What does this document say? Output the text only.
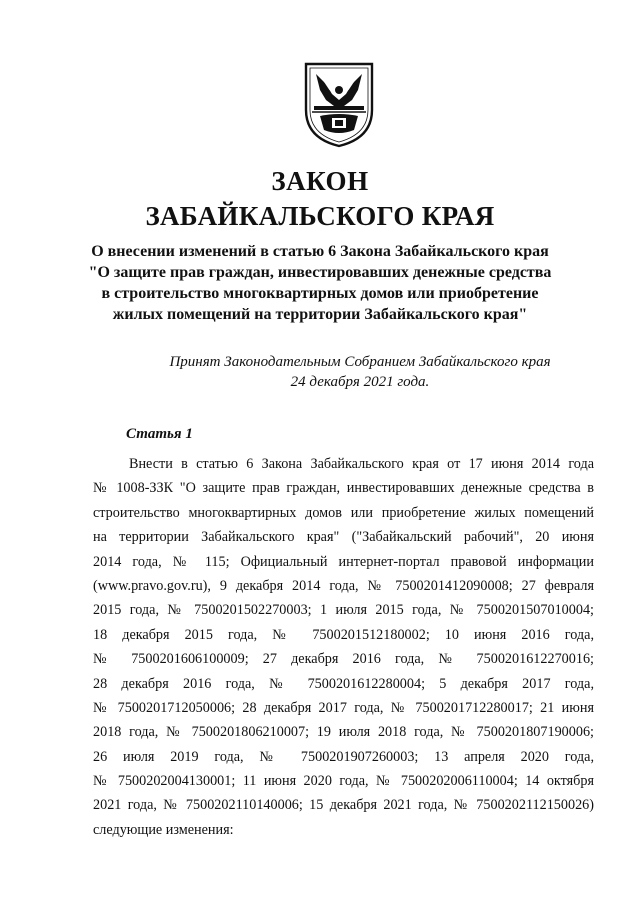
ЗАКОН
ЗАБАЙКАЛЬСКОГО КРАЯ
О внесении изменений в статью 6 Закона Забайкальского края
"О защите прав граждан, инвестировавших денежные средства
в строительство многоквартирных домов или приобретение
жилых помещений на территории Забайкальского края"
Принят Законодательным Собранием Забайкальского края
24 декабря 2021 года.
Статья 1
Внести в статью 6 Закона Забайкальского края от 17 июня 2014 года
№ 1008-ЗЗК "О защите прав граждан, инвестировавших денежные средства в
строительство многоквартирных домов или приобретение жилых помещений
на территории Забайкальского края" ("Забайкальский рабочий", 20 июня
2014 года, № 115; Официальный интернет-портал правовой информации
(www.pravo.gov.ru), 9 декабря 2014 года, № 7500201412090008; 27 февраля
2015 года, № 7500201502270003; 1 июля 2015 года, № 7500201507010004;
18 декабря 2015 года, № 7500201512180002; 10 июня 2016 года,
№ 7500201606100009; 27 декабря 2016 года, № 7500201612270016;
28 декабря 2016 года, № 7500201612280004; 5 декабря 2017 года,
№ 7500201712050006; 28 декабря 2017 года, № 7500201712280017; 21 июня
2018 года, № 7500201806210007; 19 июля 2018 года, № 7500201807190006;
26 июля 2019 года, № 7500201907260003; 13 апреля 2020 года,
№ 7500202004130001; 11 июня 2020 года, № 7500202006110004; 14 октября
2021 года, № 7500202110140006; 15 декабря 2021 года, № 7500202112150026)
следующие изменения:
